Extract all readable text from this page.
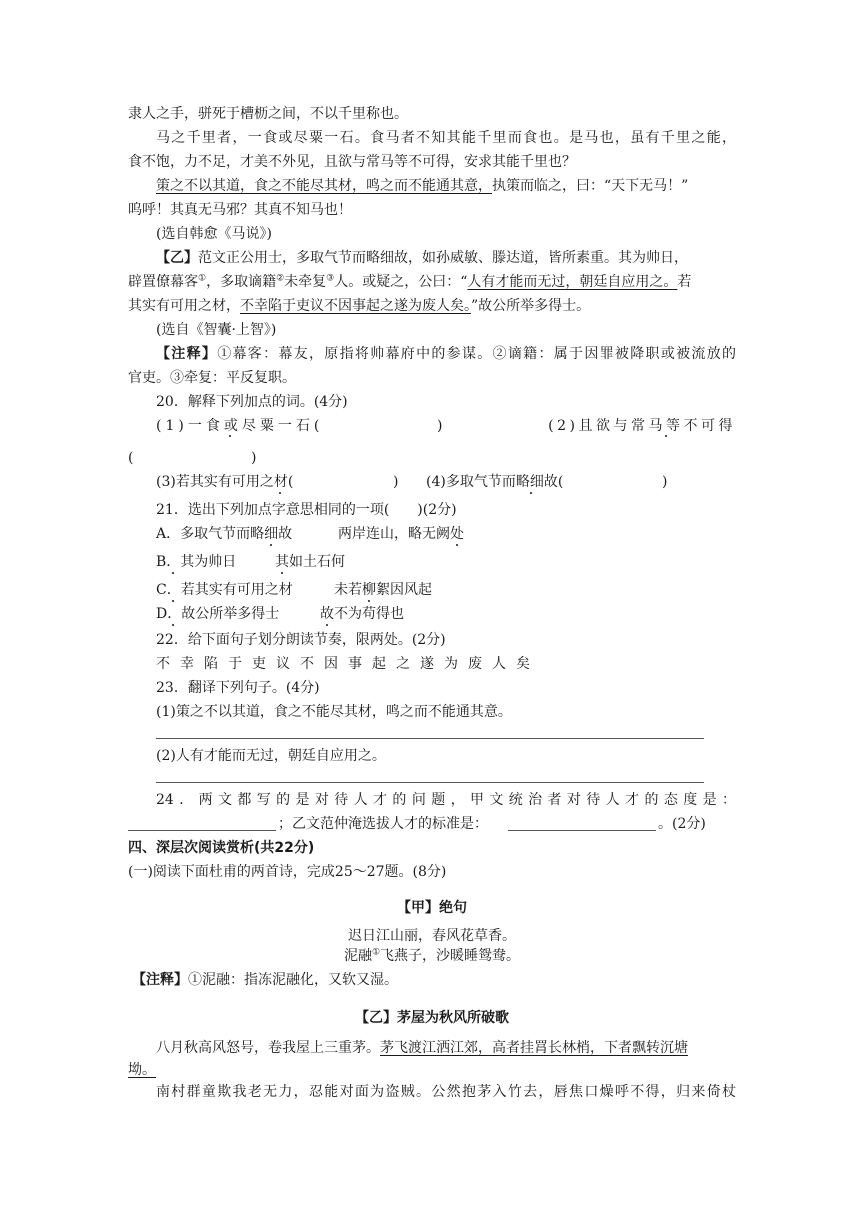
隶人之手，骈死于槽枥之间，不以千里称也。
马之千里者，一食或尽粟一石。食马者不知其能千里而食也。是马也，虽有千里之能，
食不饱，力不足，才美不外见，且欲与常马等不可得，安求其能千里也？
策之不以其道，食之不能尽其材，鸣之而不能通其意，执策而临之，曰：“天下无马！”
呜呼！其真无马邪？其真不知马也！
(选自韩愈《马说》)
【乙】范文正公用士，多取气节而略细故，如孙威敏、滕达道，皆所素重。其为帅日，
辟置僚幕客①，多取谪籍②未牵复③人。或疑之，公曰：“人有才能而无过，朝廷自应用之。若
其实有可用之材，不幸陷于吏议不因事起之遂为废人矣。”故公所举多得士。
(选自《智囊·上智》)
【注释】①幕客：幕友，原指将帅幕府中的参谋。②谪籍：属于因罪被降职或被流放的
官吏。③牵复：平反复职。
20．解释下列加点的词。(4分)
(1)一食或尽粟一石(	)	(2)且欲与常马等不可得
(	)
(3)若其实有可用之材(	)	(4)多取气节而略细故(	)
21．选出下列加点字意思相同的一项(　　)(2分)
A．多取气节而略细故	两岸连山，略无阙处
B．其为帅日	其如土石何
C．若其实有可用之材	未若柳絮因风起
D．故公所举多得士	故不为苟得也
22．给下面句子划分朗读节奏，限两处。(2分)
不幸陷于吏议不因事起之遂为废人矣
23．翻译下列句子。(4分)
(1)策之不以其道，食之不能尽其材，鸣之而不能通其意。
(2)人有才能而无过，朝廷自应用之。
24．两文都写的是对待人才的问题，甲文统治者对待人才的态度是：
；乙文范仲淹选拔人才的标准是：	。(2分)
四、深层次阅读赏析(共22分)
(一)阅读下面杜甫的两首诗，完成25～27题。(8分)
【甲】绝句
迟日江山丽，春风花草香。
泥融①飞燕子，沙暖睡鸳鸯。
【注释】①泥融：指冻泥融化，又软又湿。
【乙】茅屋为秋风所破歌
八月秋高风怒号，卷我屋上三重茅。茅飞渡江洒江郊，高者挂罥长林梢，下者飘转沉塘
坳。
南村群童欺我老无力，忍能对面为盗贼。公然抱茅入竹去，唇焦口燥呼不得，归来倚杖
